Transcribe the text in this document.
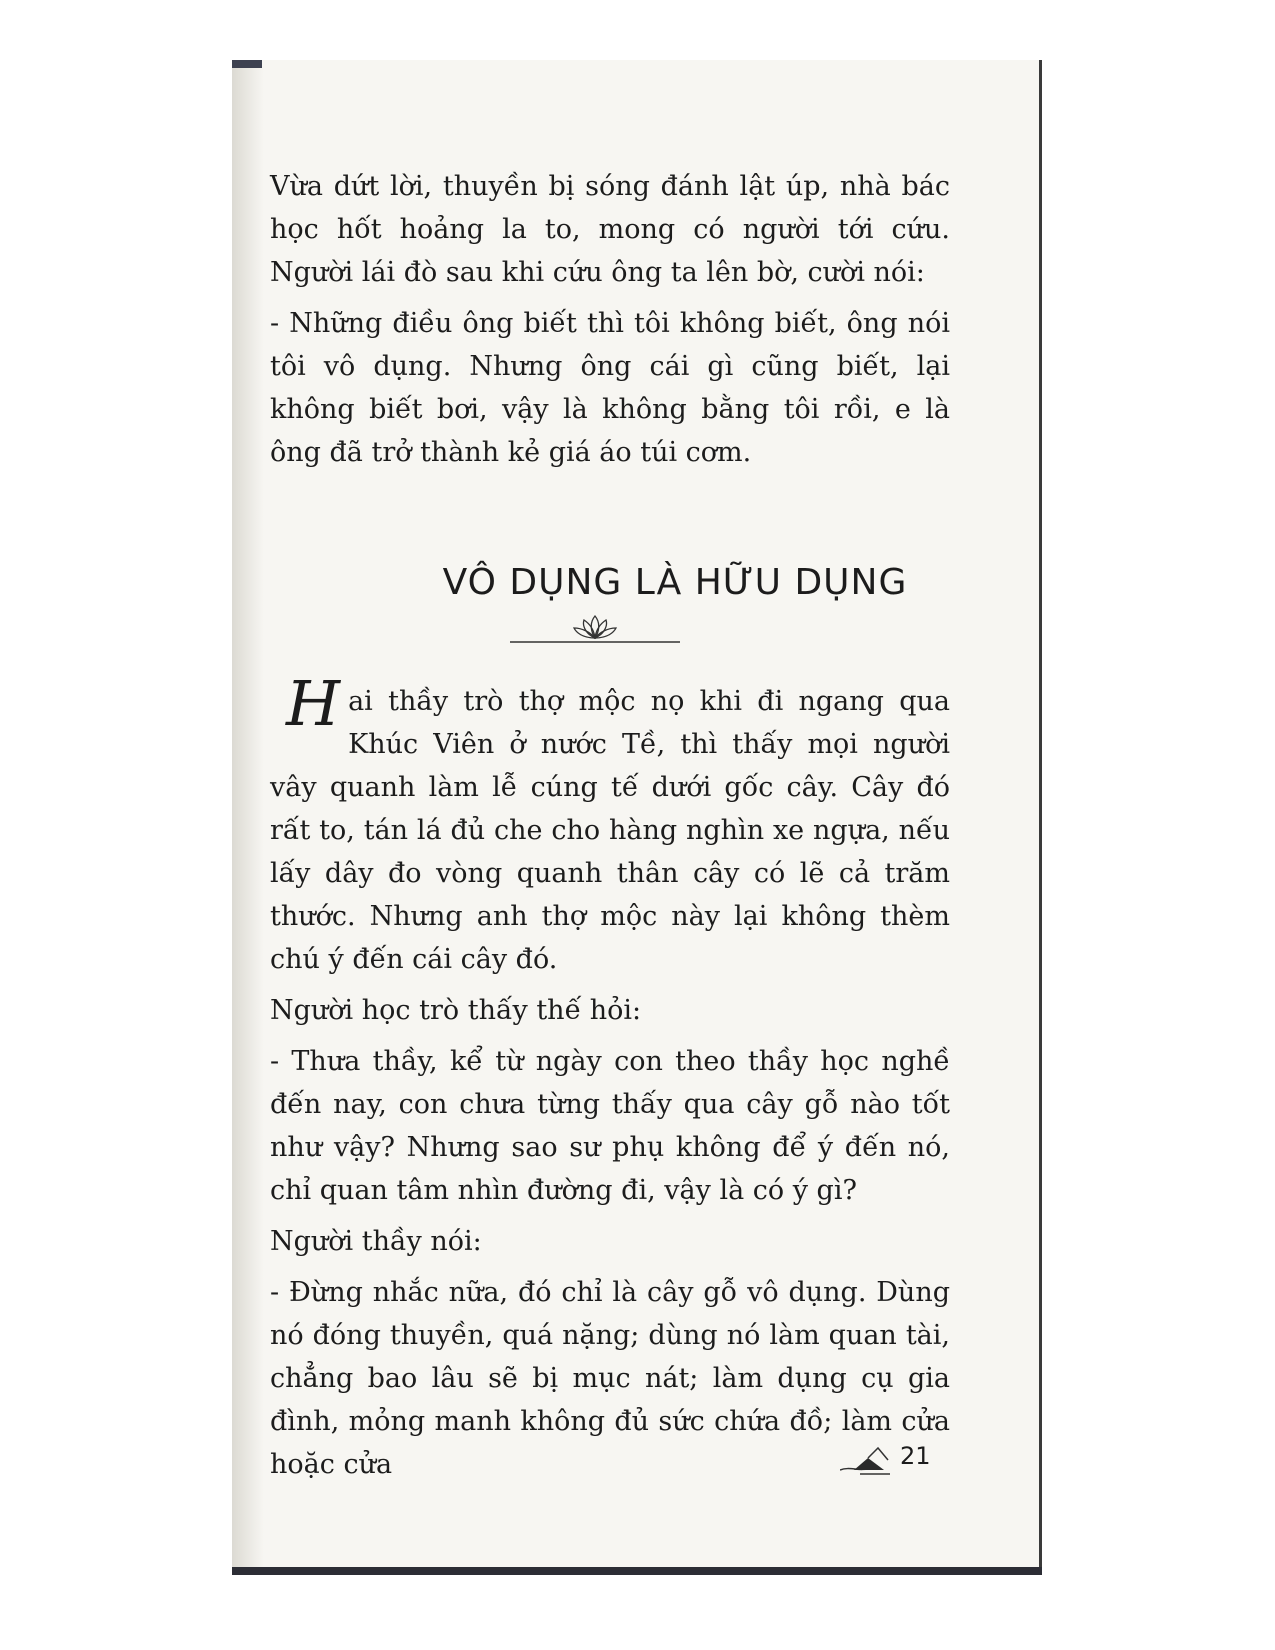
Vừa dứt lời, thuyền bị sóng đánh lật úp, nhà bác học hốt hoảng la to, mong có người tới cứu. Người lái đò sau khi cứu ông ta lên bờ, cười nói:

- Những điều ông biết thì tôi không biết, ông nói tôi vô dụng. Nhưng ông cái gì cũng biết, lại không biết bơi, vậy là không bằng tôi rồi, e là ông đã trở thành kẻ giá áo túi cơm.

VÔ DỤNG LÀ HỮU DỤNG

Hai thầy trò thợ mộc nọ khi đi ngang qua Khúc Viên ở nước Tề, thì thấy mọi người vây quanh làm lễ cúng tế dưới gốc cây. Cây đó rất to, tán lá đủ che cho hàng nghìn xe ngựa, nếu lấy dây đo vòng quanh thân cây có lẽ cả trăm thước. Nhưng anh thợ mộc này lại không thèm chú ý đến cái cây đó.

Người học trò thấy thế hỏi:

- Thưa thầy, kể từ ngày con theo thầy học nghề đến nay, con chưa từng thấy qua cây gỗ nào tốt như vậy? Nhưng sao sư phụ không để ý đến nó, chỉ quan tâm nhìn đường đi, vậy là có ý gì?

Người thầy nói:

- Đừng nhắc nữa, đó chỉ là cây gỗ vô dụng. Dùng nó đóng thuyền, quá nặng; dùng nó làm quan tài, chẳng bao lâu sẽ bị mục nát; làm dụng cụ gia đình, mỏng manh không đủ sức chứa đồ; làm cửa hoặc cửa	21
